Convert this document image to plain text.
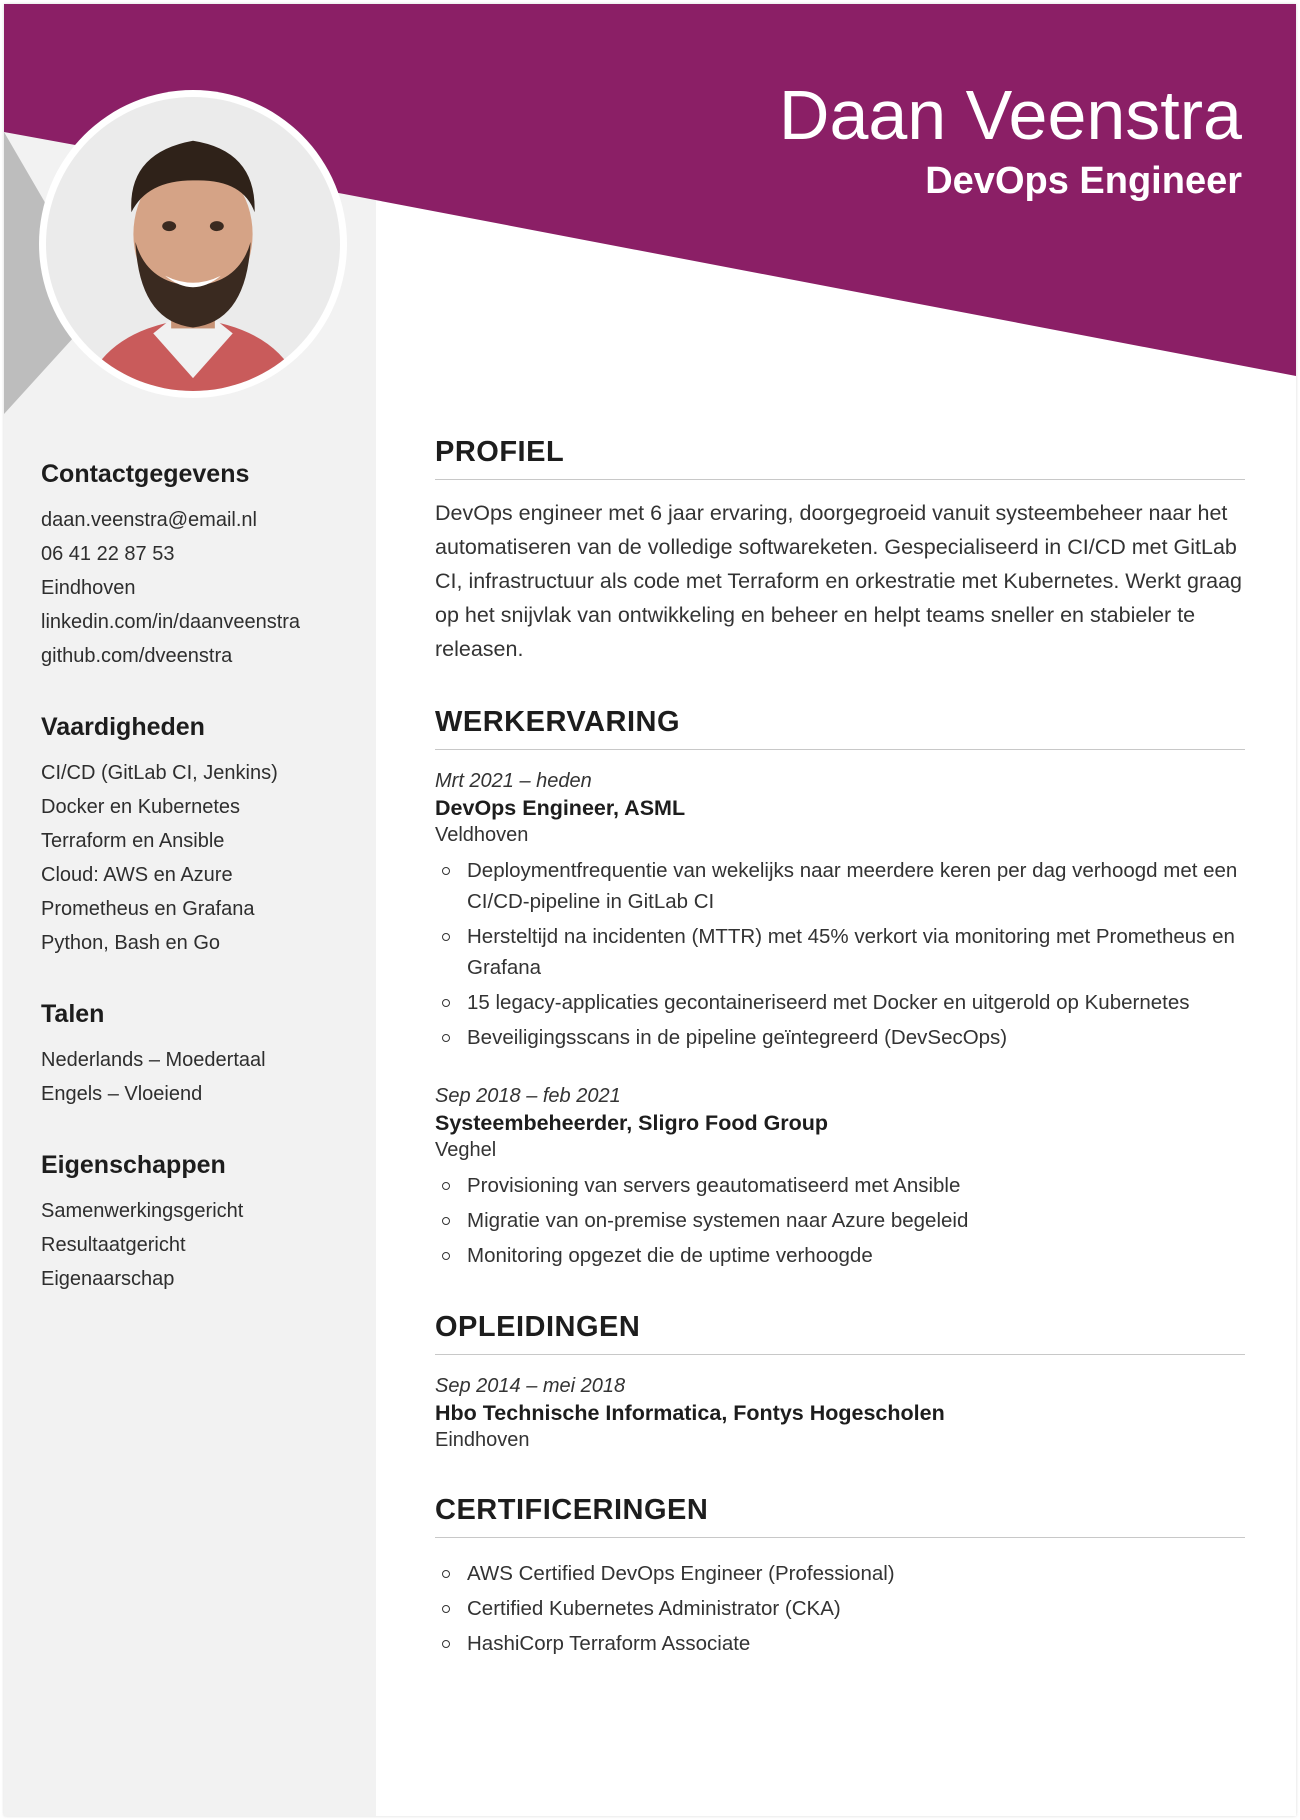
Daan Veenstra
DevOps Engineer
Contactgegevens
daan.veenstra@email.nl
06 41 22 87 53
Eindhoven
linkedin.com/in/daanveenstra
github.com/dveenstra
Vaardigheden
CI/CD (GitLab CI, Jenkins)
Docker en Kubernetes
Terraform en Ansible
Cloud: AWS en Azure
Prometheus en Grafana
Python, Bash en Go
Talen
Nederlands – Moedertaal
Engels – Vloeiend
Eigenschappen
Samenwerkingsgericht
Resultaatgericht
Eigenaarschap
PROFIEL

DevOps engineer met 6 jaar ervaring, doorgegroeid vanuit systeembeheer naar het automatiseren van de volledige softwareketen. Gespecialiseerd in CI/CD met GitLab CI, infrastructuur als code met Terraform en orkestratie met Kubernetes. Werkt graag op het snijvlak van ontwikkeling en beheer en helpt teams sneller en stabieler te releasen.

WERKERVARING
Mrt 2021 – heden
DevOps Engineer, ASML
Veldhoven
Deploymentfrequentie van wekelijks naar meerdere keren per dag verhoogd met een CI/CD-pipeline in GitLab CI
Hersteltijd na incidenten (MTTR) met 45% verkort via monitoring met Prometheus en Grafana
15 legacy-applicaties gecontaineriseerd met Docker en uitgerold op Kubernetes
Beveiligingsscans in de pipeline geïntegreerd (DevSecOps)
Sep 2018 – feb 2021
Systeembeheerder, Sligro Food Group
Veghel
Provisioning van servers geautomatiseerd met Ansible
Migratie van on-premise systemen naar Azure begeleid
Monitoring opgezet die de uptime verhoogde
OPLEIDINGEN
Sep 2014 – mei 2018
Hbo Technische Informatica, Fontys Hogescholen
Eindhoven
CERTIFICERINGEN
AWS Certified DevOps Engineer (Professional)
Certified Kubernetes Administrator (CKA)
HashiCorp Terraform Associate
